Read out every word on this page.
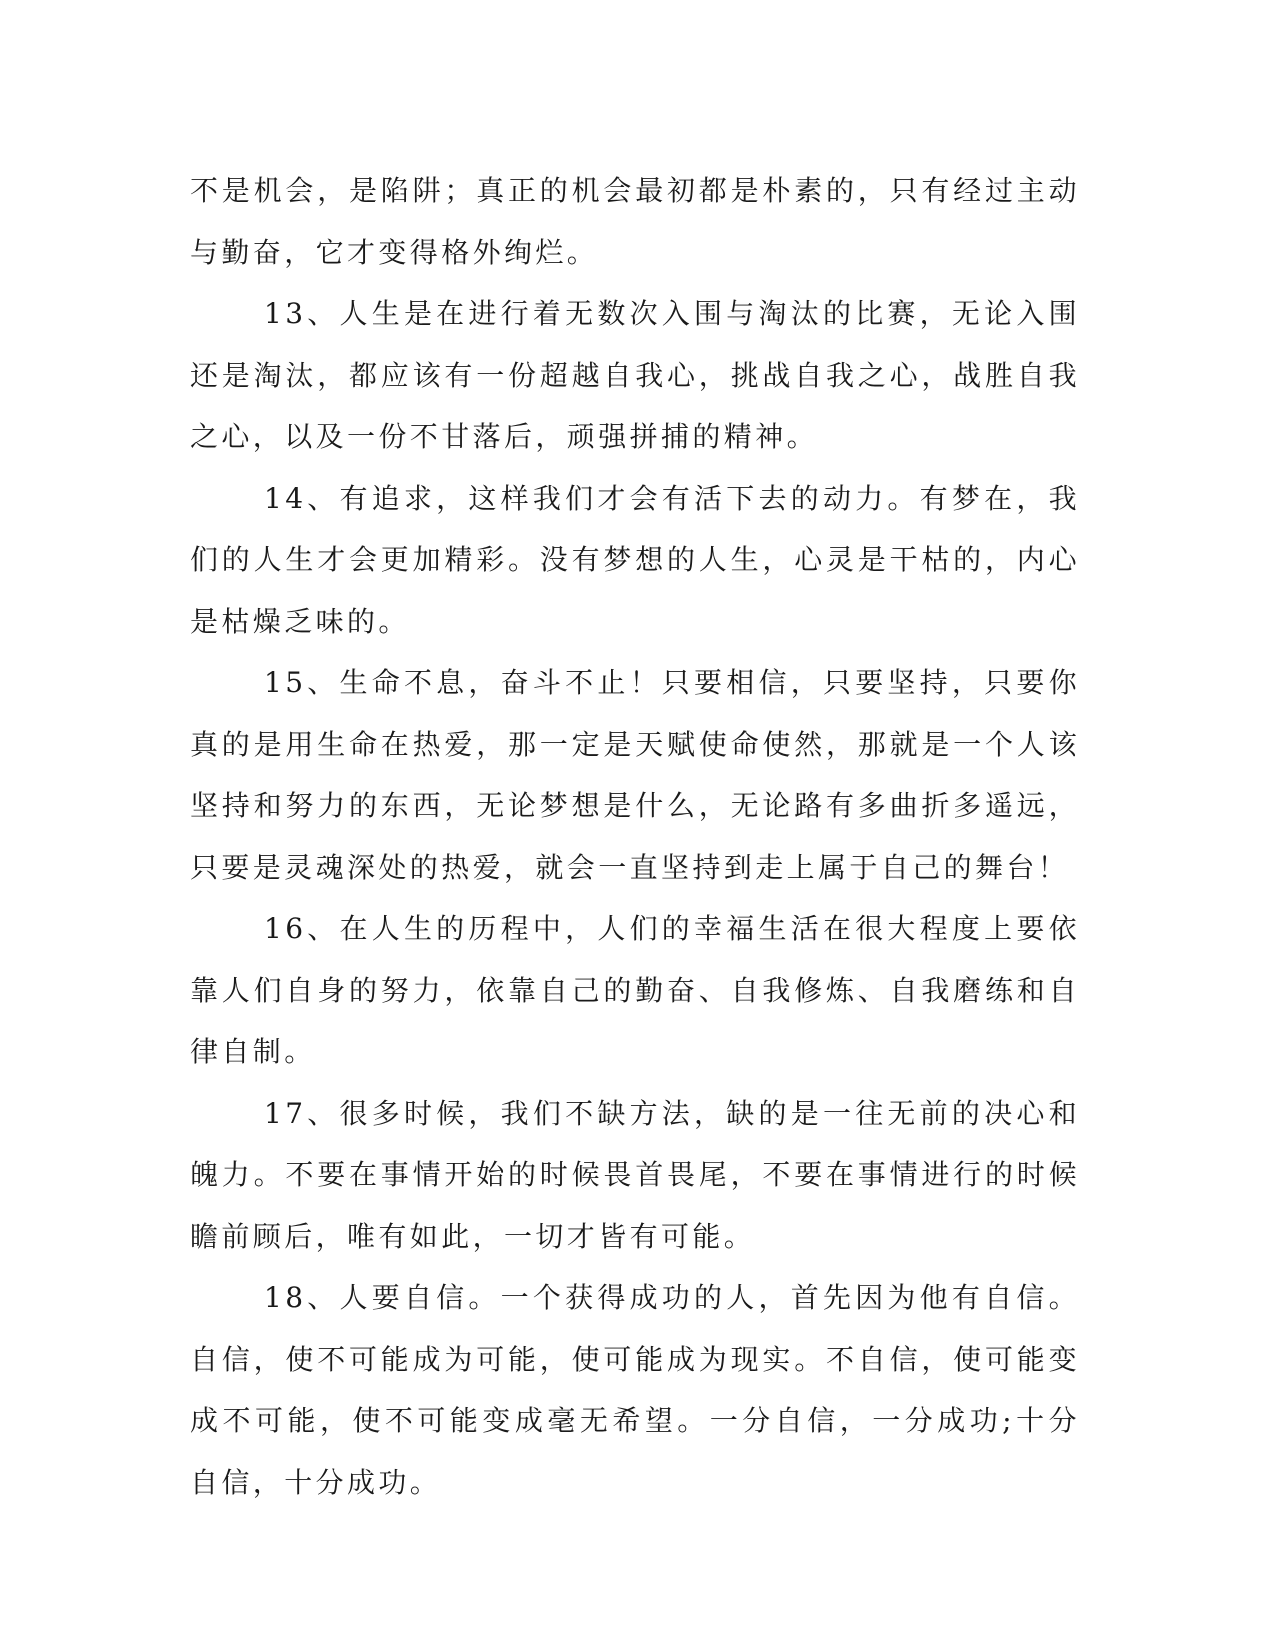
不是机会，是陷阱；真正的机会最初都是朴素的，只有经过主动与勤奋，它才变得格外绚烂。

13、人生是在进行着无数次入围与淘汰的比赛，无论入围还是淘汰，都应该有一份超越自我心，挑战自我之心，战胜自我之心，以及一份不甘落后，顽强拼捕的精神。

14、有追求，这样我们才会有活下去的动力。有梦在，我们的人生才会更加精彩。没有梦想的人生，心灵是干枯的，内心是枯燥乏味的。

15、生命不息，奋斗不止！只要相信，只要坚持，只要你真的是用生命在热爱，那一定是天赋使命使然，那就是一个人该坚持和努力的东西，无论梦想是什么，无论路有多曲折多遥远，只要是灵魂深处的热爱，就会一直坚持到走上属于自己的舞台！

16、在人生的历程中，人们的幸福生活在很大程度上要依靠人们自身的努力，依靠自己的勤奋、自我修炼、自我磨练和自律自制。

17、很多时候，我们不缺方法，缺的是一往无前的决心和魄力。不要在事情开始的时候畏首畏尾，不要在事情进行的时候瞻前顾后，唯有如此，一切才皆有可能。

18、人要自信。一个获得成功的人，首先因为他有自信。自信，使不可能成为可能，使可能成为现实。不自信，使可能变成不可能，使不可能变成毫无希望。一分自信，一分成功;十分自信，十分成功。
